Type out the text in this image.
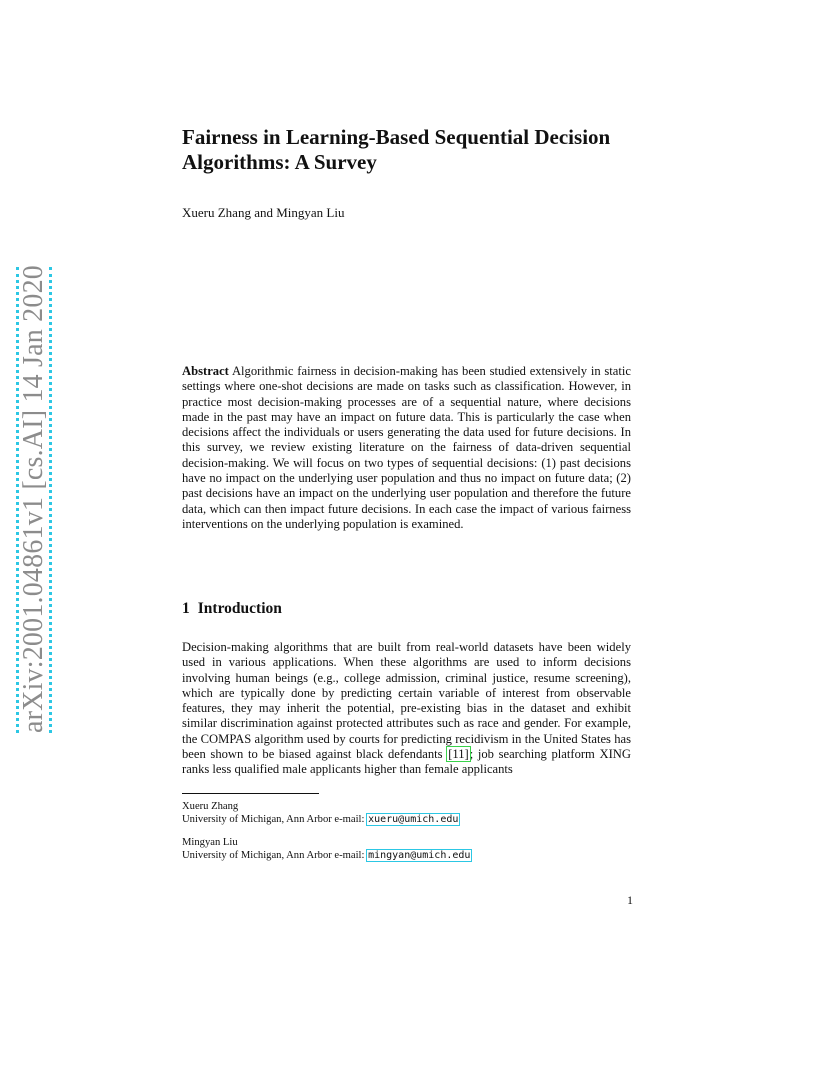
arXiv:2001.04861v1 [cs.AI] 14 Jan 2020
Fairness in Learning-Based Sequential Decision Algorithms: A Survey
Xueru Zhang and Mingyan Liu

Abstract Algorithmic fairness in decision-making has been studied extensively in static settings where one-shot decisions are made on tasks such as classification. However, in practice most decision-making processes are of a sequential nature, where decisions made in the past may have an impact on future data. This is particularly the case when decisions affect the individuals or users generating the data used for future decisions. In this survey, we review existing literature on the fairness of data-driven sequential decision-making. We will focus on two types of sequential decisions: (1) past decisions have no impact on the underlying user population and thus no impact on future data; (2) past decisions have an impact on the underlying user population and therefore the future data, which can then impact future decisions. In each case the impact of various fairness interventions on the underlying population is examined.

1 Introduction

Decision-making algorithms that are built from real-world datasets have been widely used in various applications. When these algorithms are used to inform decisions involving human beings (e.g., college admission, criminal justice, resume screening), which are typically done by predicting certain variable of interest from observable features, they may inherit the potential, pre-existing bias in the dataset and exhibit similar discrimination against protected attributes such as race and gender. For example, the COMPAS algorithm used by courts for predicting recidivism in the United States has been shown to be biased against black defendants [11]; job searching platform XING ranks less qualified male applicants higher than female applicants

Xueru Zhang
University of Michigan, Ann Arbor e-mail: xueru@umich.edu
Mingyan Liu
University of Michigan, Ann Arbor e-mail: mingyan@umich.edu
1
